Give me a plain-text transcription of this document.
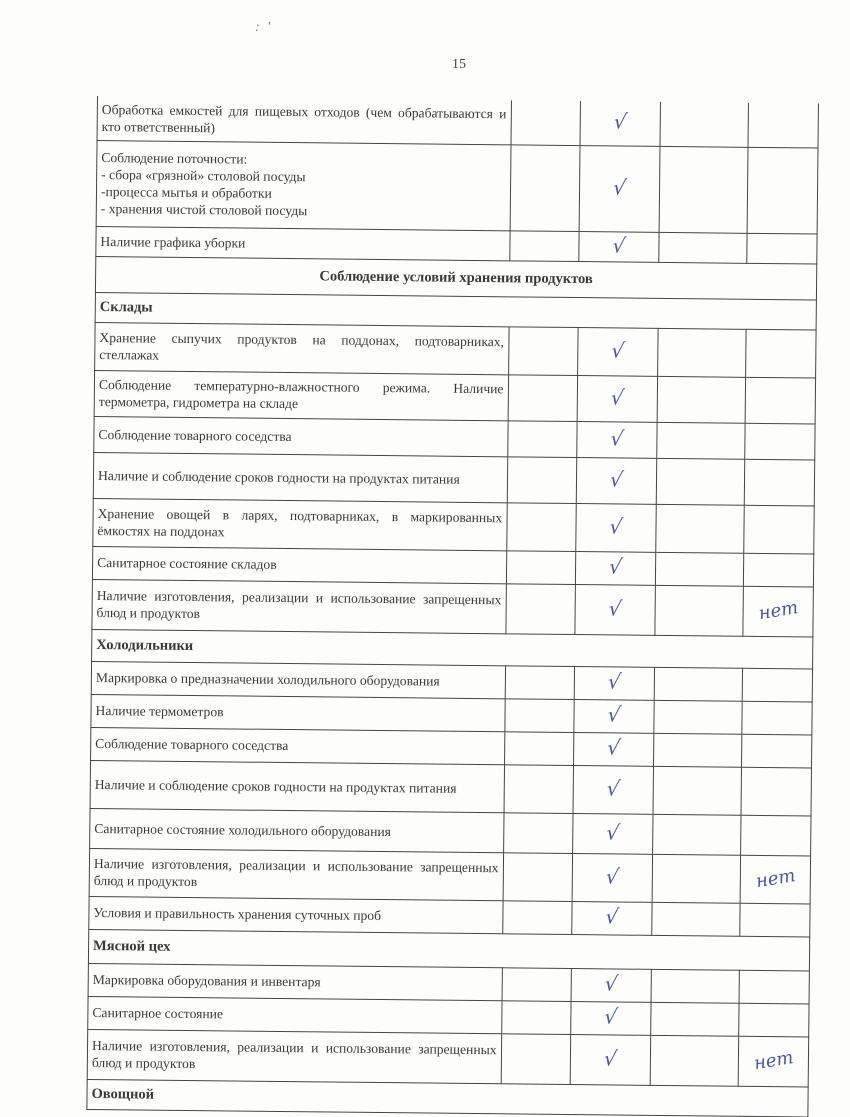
: '
15
Обработка емкостей для пищевых отходов (чем обрабатываются и кто ответственный)		√		
Соблюдение поточности:
- сбора «грязной» столовой посуды
-процесса мытья и обработки
- хранения чистой столовой посуды		√		
Наличие графика уборки		√		
Соблюдение условий хранения продуктов				
Склады				
Хранение сыпучих продуктов на поддонах, подтоварниках, стеллажах		√		
Соблюдение температурно-влажностного режима. Наличие термометра, гидрометра на складе		√		
Соблюдение товарного соседства		√		
Наличие и соблюдение сроков годности на продуктах питания		√		
Хранение овощей в ларях, подтоварниках, в маркированных ёмкостях на поддонах		√		
Санитарное состояние складов		√		
Наличие изготовления, реализации и использование запрещенных блюд и продуктов		√		нет
Холодильники				
Маркировка о предназначении холодильного оборудования		√		
Наличие термометров		√		
Соблюдение товарного соседства		√		
Наличие и соблюдение сроков годности на продуктах питания		√		
Санитарное состояние холодильного оборудования		√		
Наличие изготовления, реализации и использование запрещенных блюд и продуктов		√		нет
Условия и правильность хранения суточных проб		√		
Мясной цех				
Маркировка оборудования и инвентаря		√		
Санитарное состояние		√		
Наличие изготовления, реализации и использование запрещенных блюд и продуктов		√		нет
Овощной				
